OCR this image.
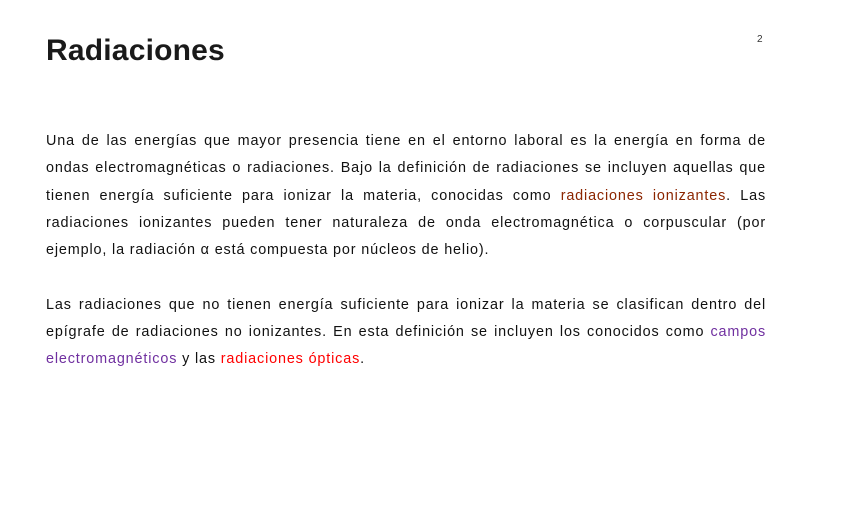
Radiaciones	2

Una de las energías que mayor presencia tiene en el entorno laboral es la energía en forma de ondas electromagnéticas o radiaciones. Bajo la definición de radiaciones se incluyen aquellas que tienen energía suficiente para ionizar la materia, conocidas como radiaciones ionizantes. Las radiaciones ionizantes pueden tener naturaleza de onda electromagnética o corpuscular (por ejemplo, la radiación α está compuesta por núcleos de helio).

Las radiaciones que no tienen energía suficiente para ionizar la materia se clasifican dentro del epígrafe de radiaciones no ionizantes. En esta definición se incluyen los conocidos como campos electromagnéticos y las radiaciones ópticas.
